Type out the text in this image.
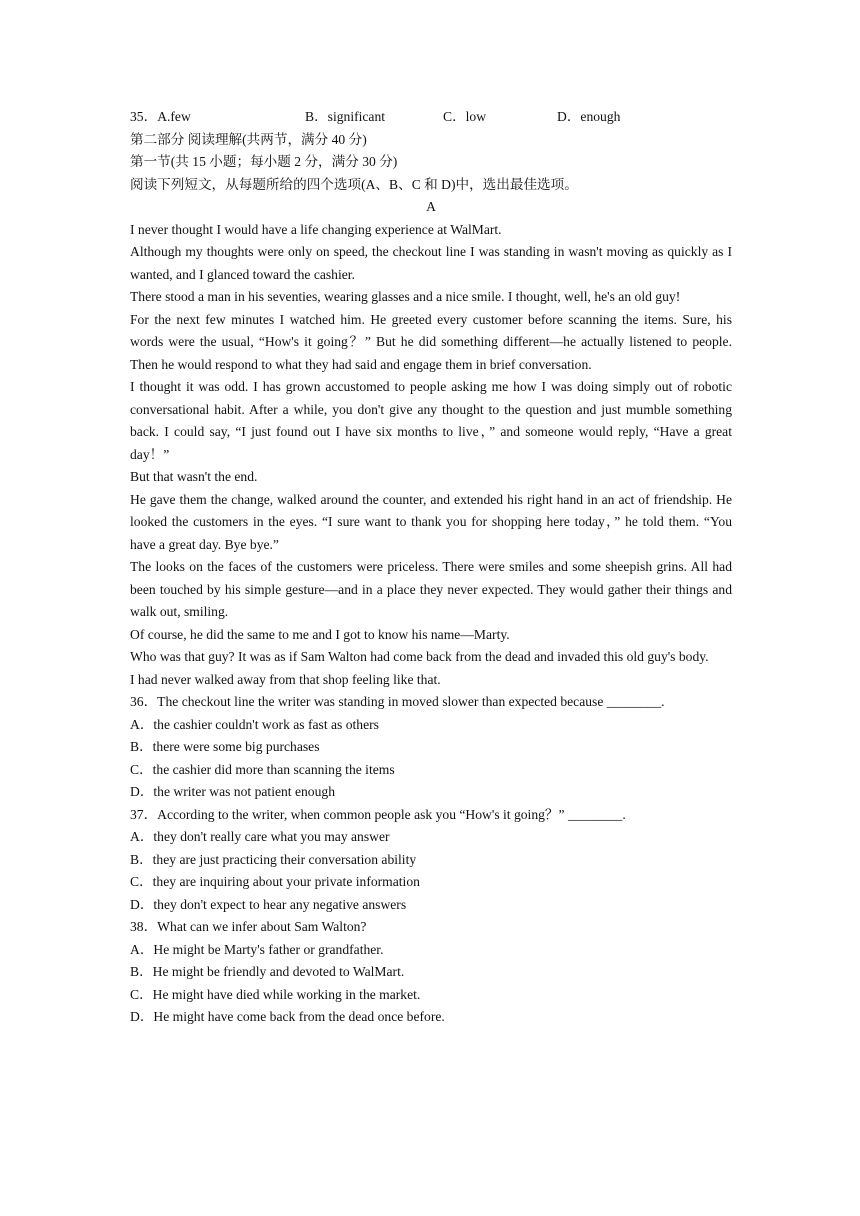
35．A.few	B．significant	C．low	D．enough
第二部分 阅读理解(共两节，满分 40 分)
第一节(共 15 小题；每小题 2 分，满分 30 分)
阅读下列短文，从每题所给的四个选项(A、B、C 和 D)中，选出最佳选项。
A
I never thought I would have a life changing experience at WalMart.
Although my thoughts were only on speed, the checkout line I was standing in wasn't moving as quickly as I wanted, and I glanced toward the cashier.
There stood a man in his seventies, wearing glasses and a nice smile. I thought, well, he's an old guy!
For the next few minutes I watched him. He greeted every customer before scanning the items. Sure, his words were the usual, “How's it going？” But he did something different—he actually listened to people. Then he would respond to what they had said and engage them in brief conversation.
I thought it was odd. I has grown accustomed to people asking me how I was doing simply out of robotic conversational habit. After a while, you don't give any thought to the question and just mumble something back. I could say, “I just found out I have six months to live，” and someone would reply, “Have a great day！”
But that wasn't the end.
He gave them the change, walked around the counter, and extended his right hand in an act of friendship. He looked the customers in the eyes. “I sure want to thank you for shopping here today，” he told them. “You have a great day. Bye bye.”
The looks on the faces of the customers were priceless. There were smiles and some sheepish grins. All had been touched by his simple gesture—and in a place they never expected. They would gather their things and walk out, smiling.
Of course, he did the same to me and I got to know his name—Marty.
Who was that guy? It was as if Sam Walton had come back from the dead and invaded this old guy's body.
I had never walked away from that shop feeling like that.
36．The checkout line the writer was standing in moved slower than expected because ________.
A．the cashier couldn't work as fast as others
B．there were some big purchases
C．the cashier did more than scanning the items
D．the writer was not patient enough
37．According to the writer, when common people ask you “How's it going？” ________.
A．they don't really care what you may answer
B．they are just practicing their conversation ability
C．they are inquiring about your private information
D．they don't expect to hear any negative answers
38．What can we infer about Sam Walton?
A．He might be Marty's father or grandfather.
B．He might be friendly and devoted to WalMart.
C．He might have died while working in the market.
D．He might have come back from the dead once before.
